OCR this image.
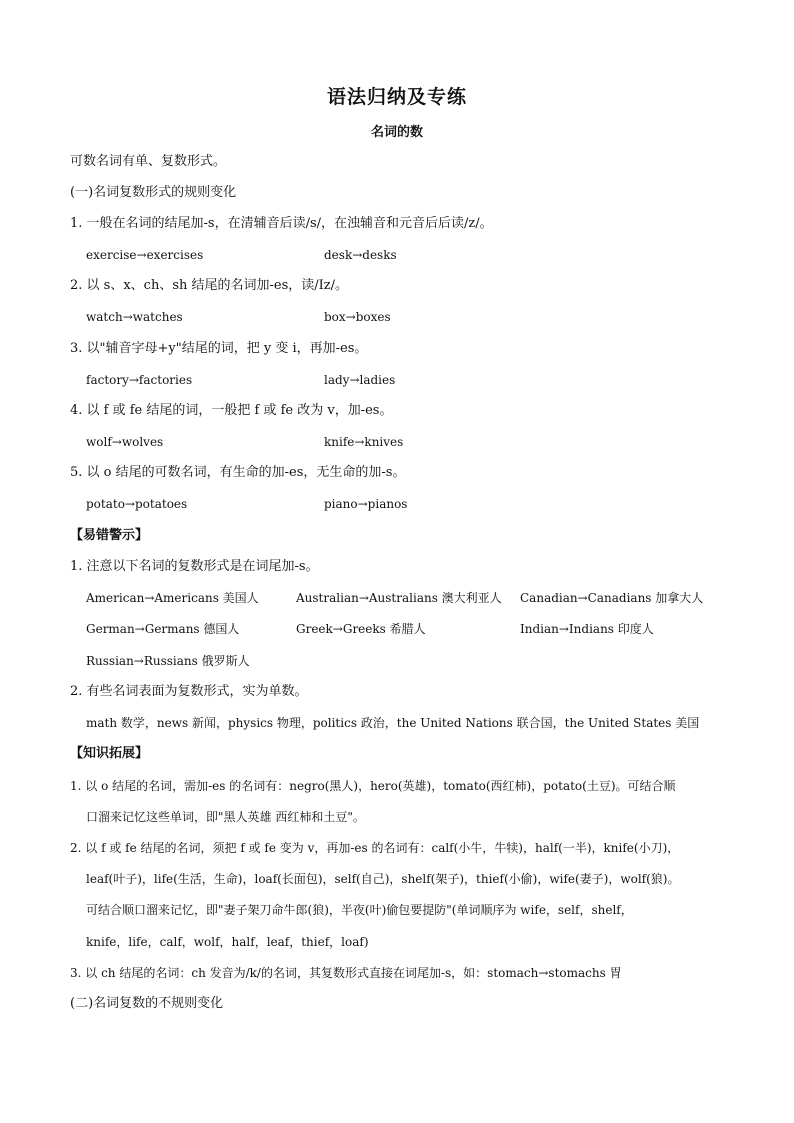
语法归纳及专练
名词的数
可数名词有单、复数形式。
(一)名词复数形式的规则变化
1. 一般在名词的结尾加-s，在清辅音后读/s/，在浊辅音和元音后后读/z/。
exercise→exercises	desk→desks
2. 以 s、x、ch、sh 结尾的名词加-es，读/Iz/。
watch→watches	box→boxes
3. 以"辅音字母+y"结尾的词，把 y 变 i，再加-es。
factory→factories	lady→ladies
4. 以 f 或 fe 结尾的词，一般把 f 或 fe 改为 v，加-es。
wolf→wolves	knife→knives
5. 以 o 结尾的可数名词，有生命的加-es，无生命的加-s。
potato→potatoes	piano→pianos
【易错警示】
1. 注意以下名词的复数形式是在词尾加-s。
American→Americans 美国人	Australian→Australians 澳大利亚人 Canadian→Canadians 加拿大人
German→Germans 德国人	Greek→Greeks 希腊人	Indian→Indians 印度人
Russian→Russians 俄罗斯人
2. 有些名词表面为复数形式，实为单数。
math 数学，news 新闻，physics 物理，politics 政治，the United Nations 联合国，the United States 美国
【知识拓展】
1. 以 o 结尾的名词，需加-es 的名词有：negro(黑人)，hero(英雄)，tomato(西红柿)，potato(土豆)。可结合顺
口溜来记忆这些单词，即"黑人英雄 西红柿和土豆"。
2. 以 f 或 fe 结尾的名词，须把 f 或 fe 变为 v，再加-es 的名词有：calf(小牛，牛犊)，half(一半)，knife(小刀)，
leaf(叶子)，life(生活，生命)，loaf(长面包)，self(自己)，shelf(架子)，thief(小偷)，wife(妻子)，wolf(狼)。
可结合顺口溜来记忆，即"妻子架刀命牛郎(狼)，半夜(叶)偷包要提防"(单词顺序为 wife，self，shelf，
knife，life，calf，wolf，half，leaf，thief，loaf)
3. 以 ch 结尾的名词：ch 发音为/k/的名词，其复数形式直接在词尾加-s，如：stomach→stomachs 胃
(二)名词复数的不规则变化
